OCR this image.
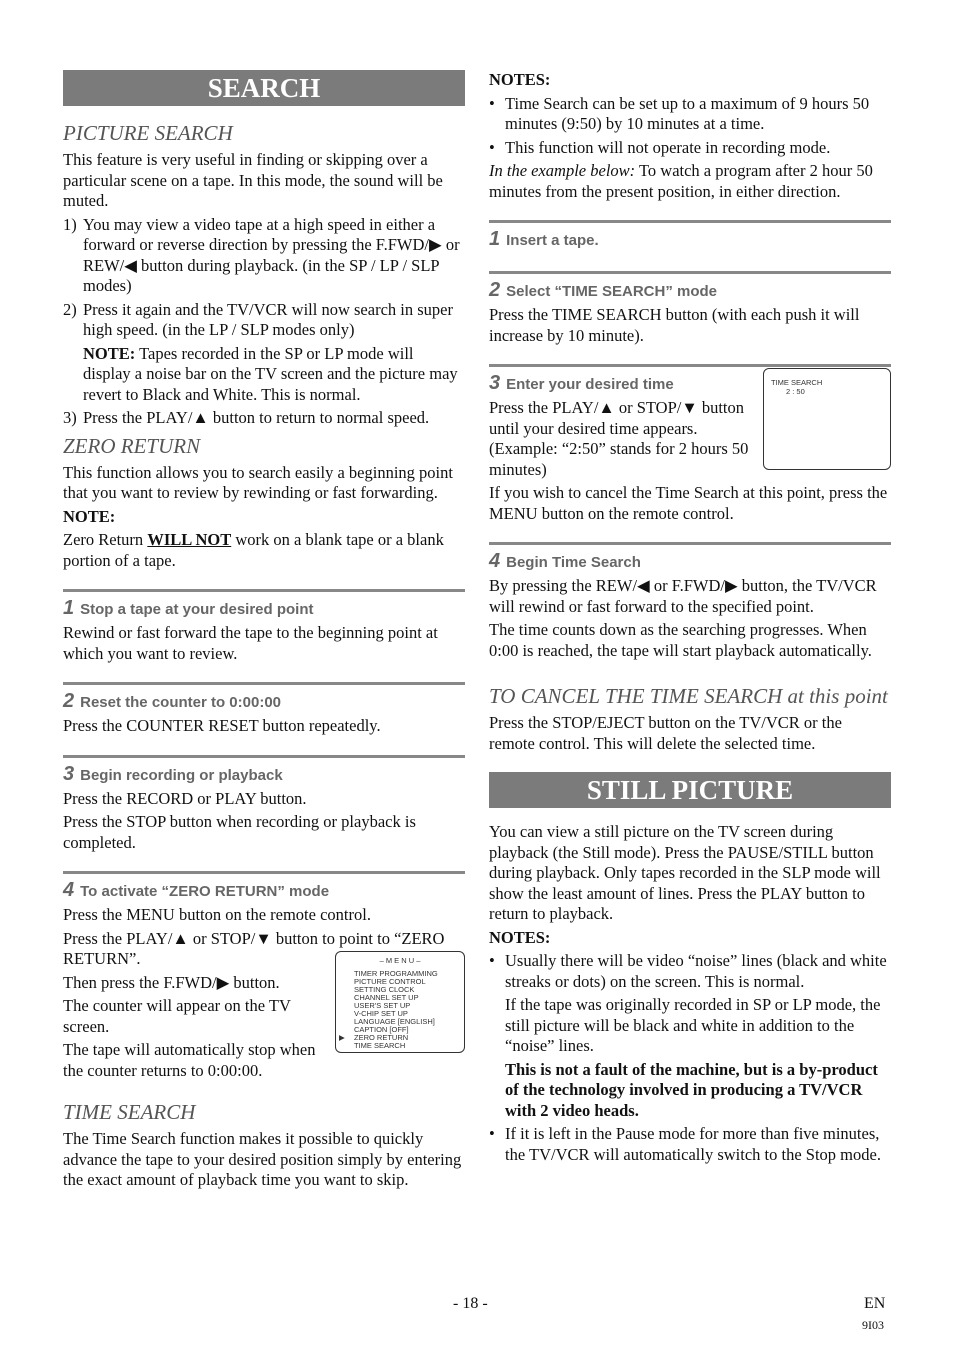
SEARCH
PICTURE SEARCH

This feature is very useful in finding or skipping over a particular scene on a tape. In this mode, the sound will be muted.

1) You may view a video tape at a high speed in either a forward or reverse direction by pressing the F.FWD/▶ or REW/◀ button during playback. (in the SP / LP / SLP modes)
2) Press it again and the TV/VCR will now search in super high speed. (in the LP / SLP modes only)
NOTE: Tapes recorded in the SP or LP mode will display a noise bar on the TV screen and the picture may revert to Black and White. This is normal.
3) Press the PLAY/▲ button to return to normal speed.
ZERO RETURN

This function allows you to search easily a beginning point that you want to review by rewinding or fast forwarding.

NOTE:

Zero Return WILL NOT work on a blank tape or a blank portion of a tape.

1 Stop a tape at your desired point

Rewind or fast forward the tape to the beginning point at which you want to review.

2 Reset the counter to 0:00:00

Press the COUNTER RESET button repeatedly.

3 Begin recording or playback

Press the RECORD or PLAY button.

Press the STOP button when recording or playback is completed.

4 To activate “ZERO RETURN” mode

Press the MENU button on the remote control.

Press the PLAY/▲ or STOP/▼ button to point to “ZERO RETURN”.

Then press the F.FWD/▶ button.

The counter will appear on the TV screen.

The tape will automatically stop when the counter returns to 0:00:00.

– M E N U –
TIMER PROGRAMMING
PICTURE CONTROL
SETTING CLOCK
CHANNEL SET UP
USER'S SET UP
V-CHIP SET UP
LANGUAGE [ENGLISH]
CAPTION [OFF]
▶ ZERO RETURN
TIME SEARCH
TIME SEARCH

The Time Search function makes it possible to quickly advance the tape to your desired position simply by entering the exact amount of playback time you want to skip.

NOTES:

• Time Search can be set up to a maximum of 9 hours 50 minutes (9:50) by 10 minutes at a time.
• This function will not operate in recording mode.

In the example below: To watch a program after 2 hour 50 minutes from the present position, in either direction.

1 Insert a tape.
2 Select “TIME SEARCH” mode

Press the TIME SEARCH button (with each push it will increase by 10 minute).

3 Enter your desired time

Press the PLAY/▲ or STOP/▼ button until your desired time appears. (Example: “2:50” stands for 2 hours 50 minutes)

If you wish to cancel the Time Search at this point, press the MENU button on the remote control.

TIME SEARCH
2 : 50
4 Begin Time Search

By pressing the REW/◀ or F.FWD/▶ button, the TV/VCR will rewind or fast forward to the specified point.

The time counts down as the searching progresses. When 0:00 is reached, the tape will start playback automatically.

TO CANCEL THE TIME SEARCH at this point

Press the STOP/EJECT button on the TV/VCR or the remote control. This will delete the selected time.

STILL PICTURE

You can view a still picture on the TV screen during playback (the Still mode). Press the PAUSE/STILL button during playback. Only tapes recorded in the SLP mode will show the least amount of lines. Press the PLAY button to return to playback.

NOTES:

• Usually there will be video “noise” lines (black and white streaks or dots) on the screen. This is normal.
If the tape was originally recorded in SP or LP mode, the still picture will be black and white in addition to the “noise” lines.
This is not a fault of the machine, but is a by-product of the technology involved in producing a TV/VCR with 2 video heads.
• If it is left in the Pause mode for more than five minutes, the TV/VCR will automatically switch to the Stop mode.
- 18 -	EN
9I03
